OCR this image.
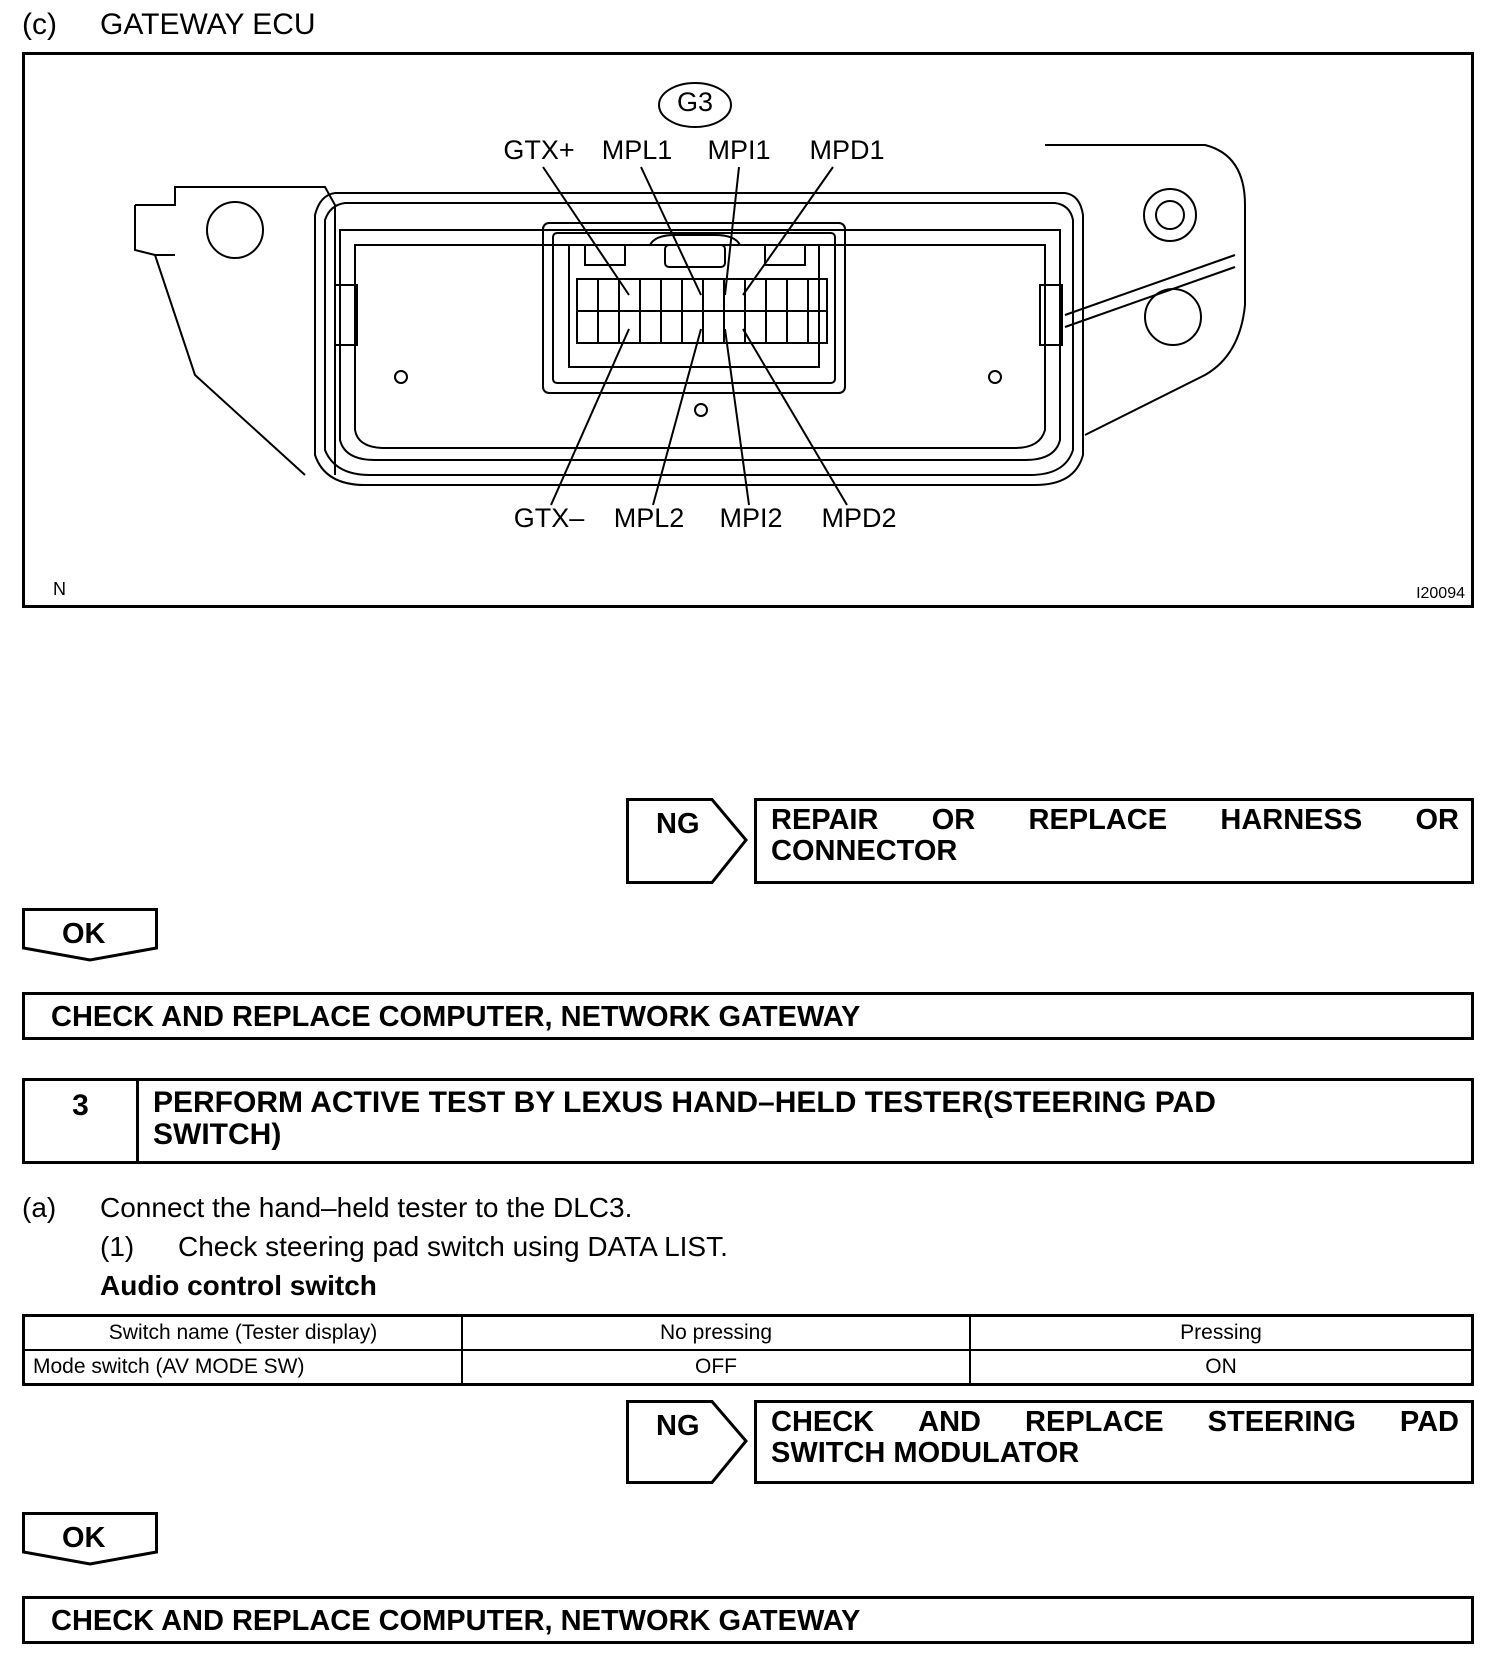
(c) GATEWAY ECU
G3
GTX+ MPL1 MPI1 MPD1
GTX– MPL2 MPI2 MPD2
N	I20094
NG REPAIR OR REPLACE HARNESS OR
CONNECTOR
OK
CHECK AND REPLACE COMPUTER, NETWORK GATEWAY
3	PERFORM ACTIVE TEST BY LEXUS HAND–HELD TESTER(STEERING PAD
SWITCH)
(a) Connect the hand–held tester to the DLC3.
(1) Check steering pad switch using DATA LIST.
Audio control switch
Switch name (Tester display)	No pressing	Pressing
Mode switch (AV MODE SW)	OFF	ON
NG CHECK AND REPLACE STEERING PAD
SWITCH MODULATOR
OK
CHECK AND REPLACE COMPUTER, NETWORK GATEWAY
